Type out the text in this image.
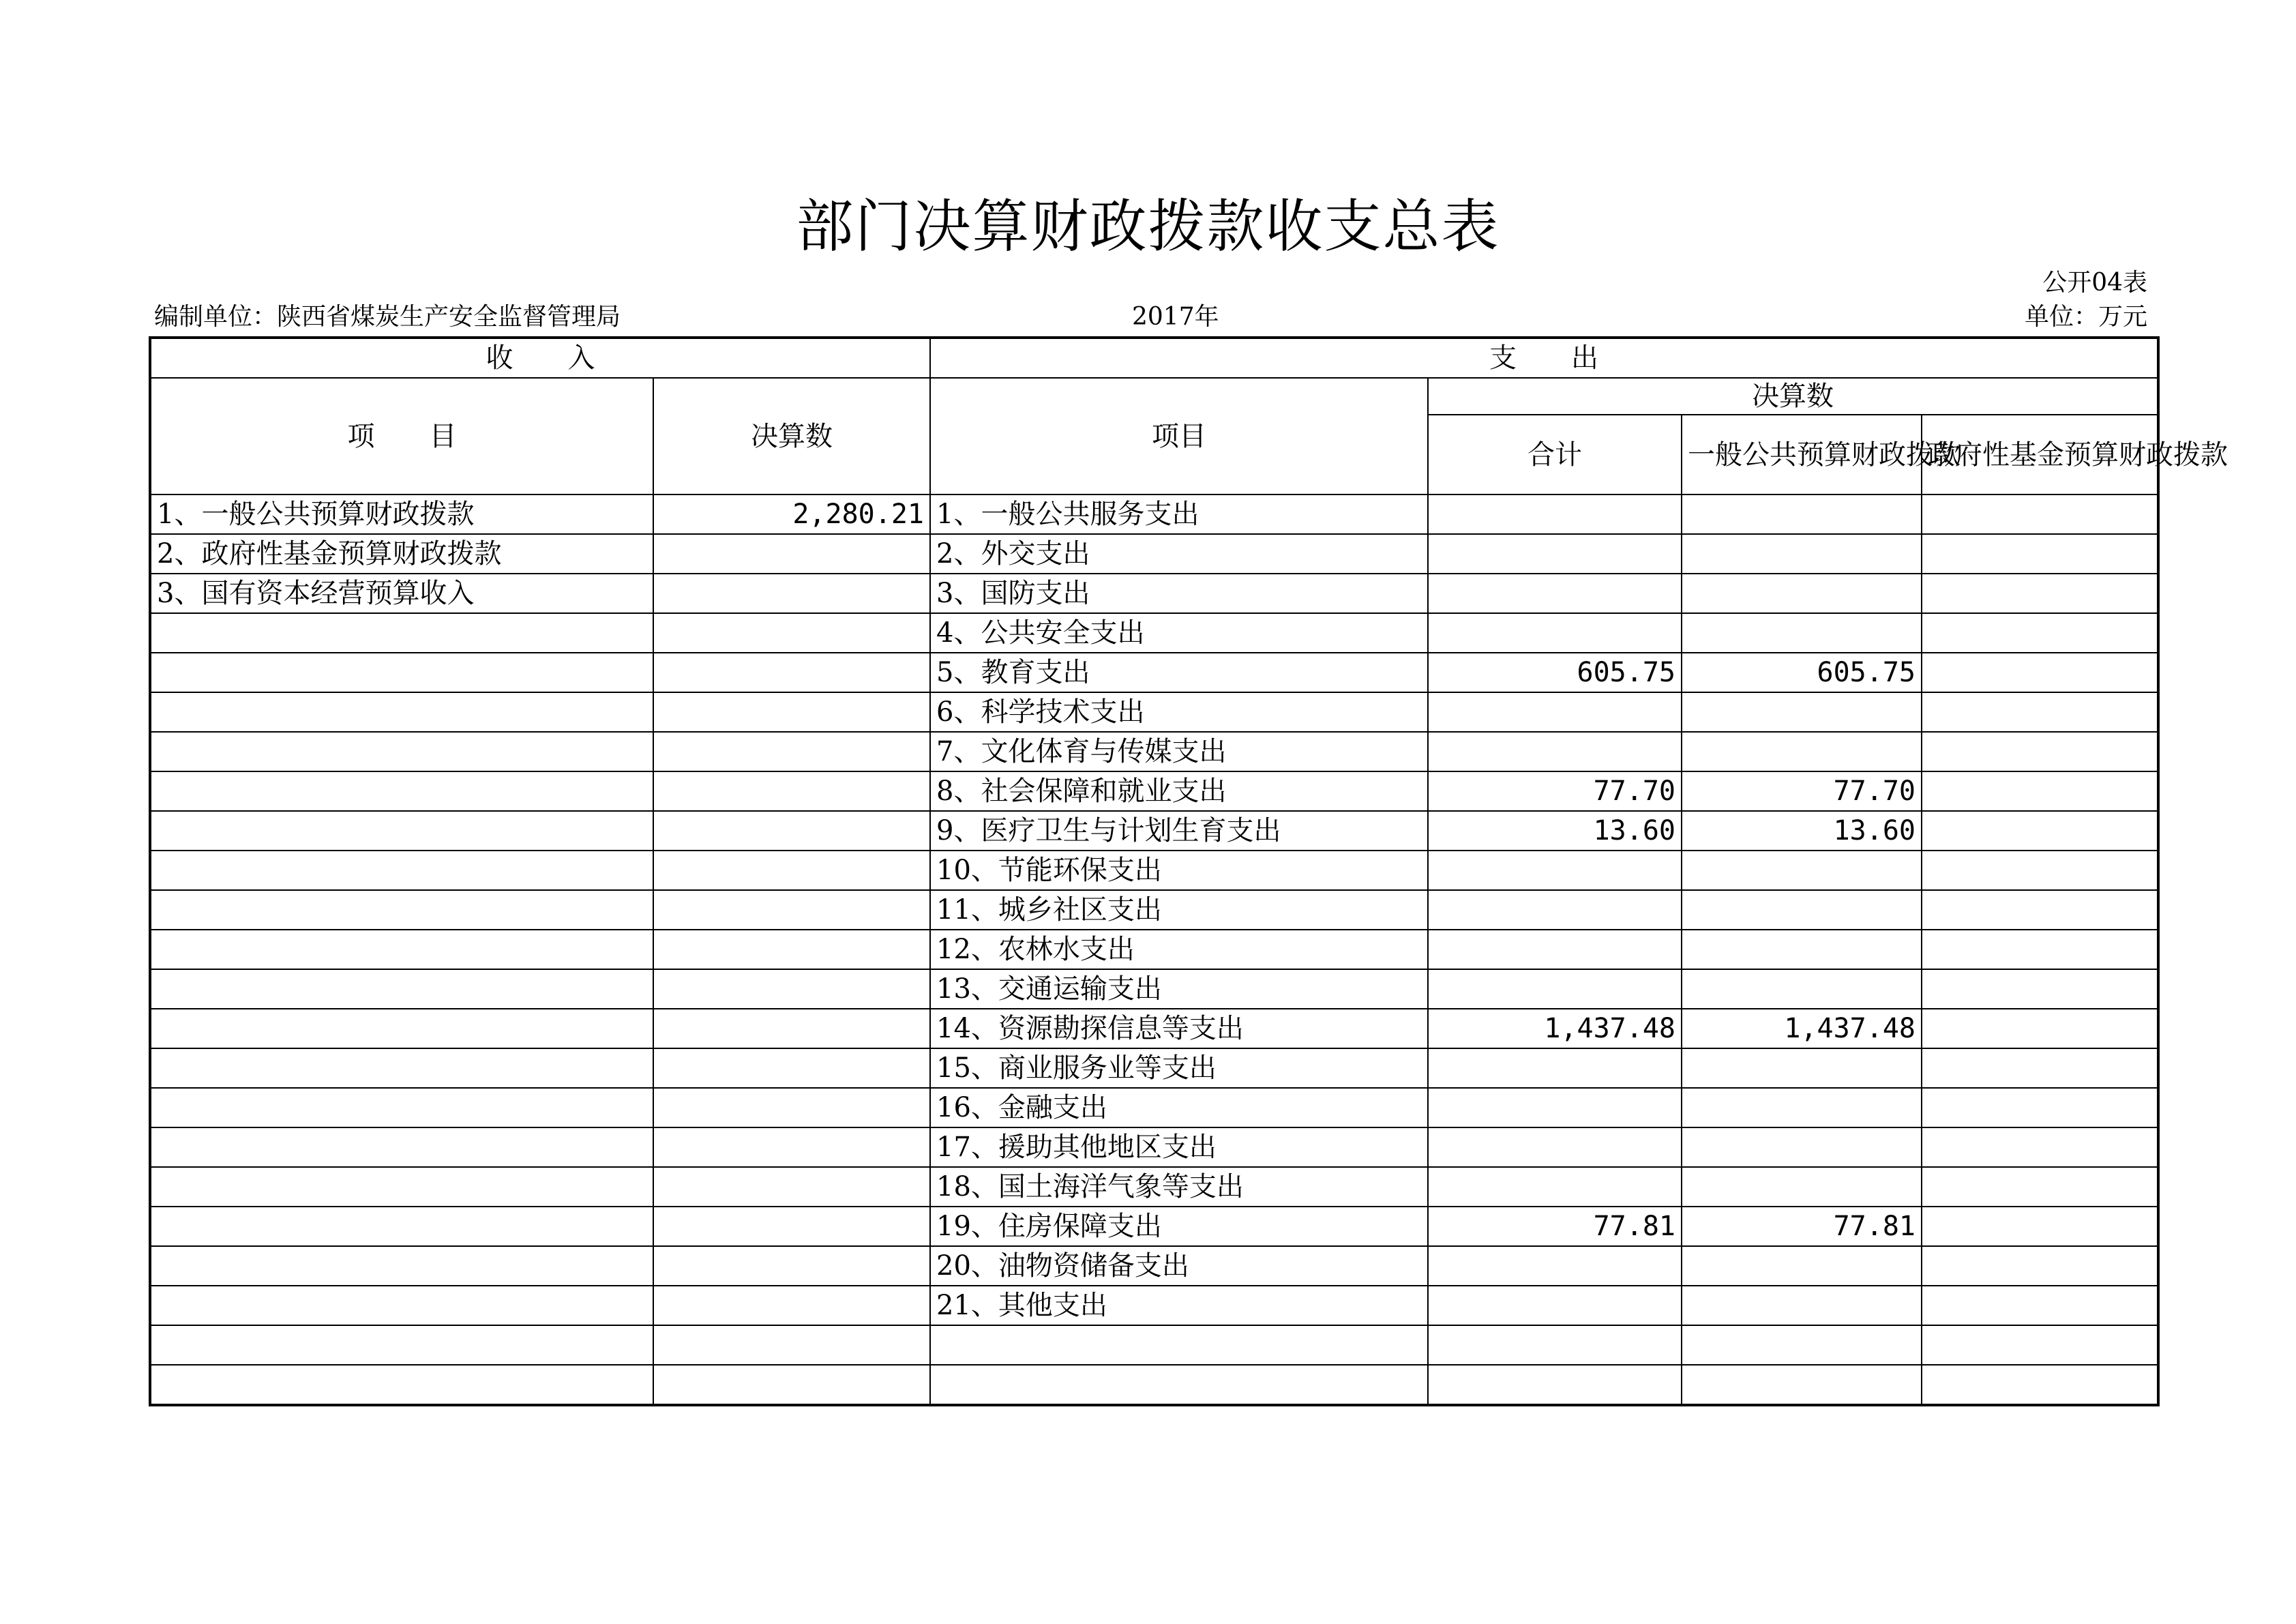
部门决算财政拨款收支总表
公开04表
编制单位：陕西省煤炭生产安全监督管理局	2017年	单位：万元
收　　入		支　　出			
项　　目	决算数	项目	决算数		
			合计	一般公共预算财政拨款	政府性基金预算财政拨款
1、一般公共预算财政拨款	2,280.21	1、一般公共服务支出			
2、政府性基金预算财政拨款		2、外交支出			
3、国有资本经营预算收入		3、国防支出			
		4、公共安全支出			
		5、教育支出	605.75	605.75	
		6、科学技术支出			
		7、文化体育与传媒支出			
		8、社会保障和就业支出	77.70	77.70	
		9、医疗卫生与计划生育支出	13.60	13.60	
		10、节能环保支出			
		11、城乡社区支出			
		12、农林水支出			
		13、交通运输支出			
		14、资源勘探信息等支出	1,437.48	1,437.48	
		15、商业服务业等支出			
		16、金融支出			
		17、援助其他地区支出			
		18、国土海洋气象等支出			
		19、住房保障支出	77.81	77.81	
		20、油物资储备支出			
		21、其他支出			
